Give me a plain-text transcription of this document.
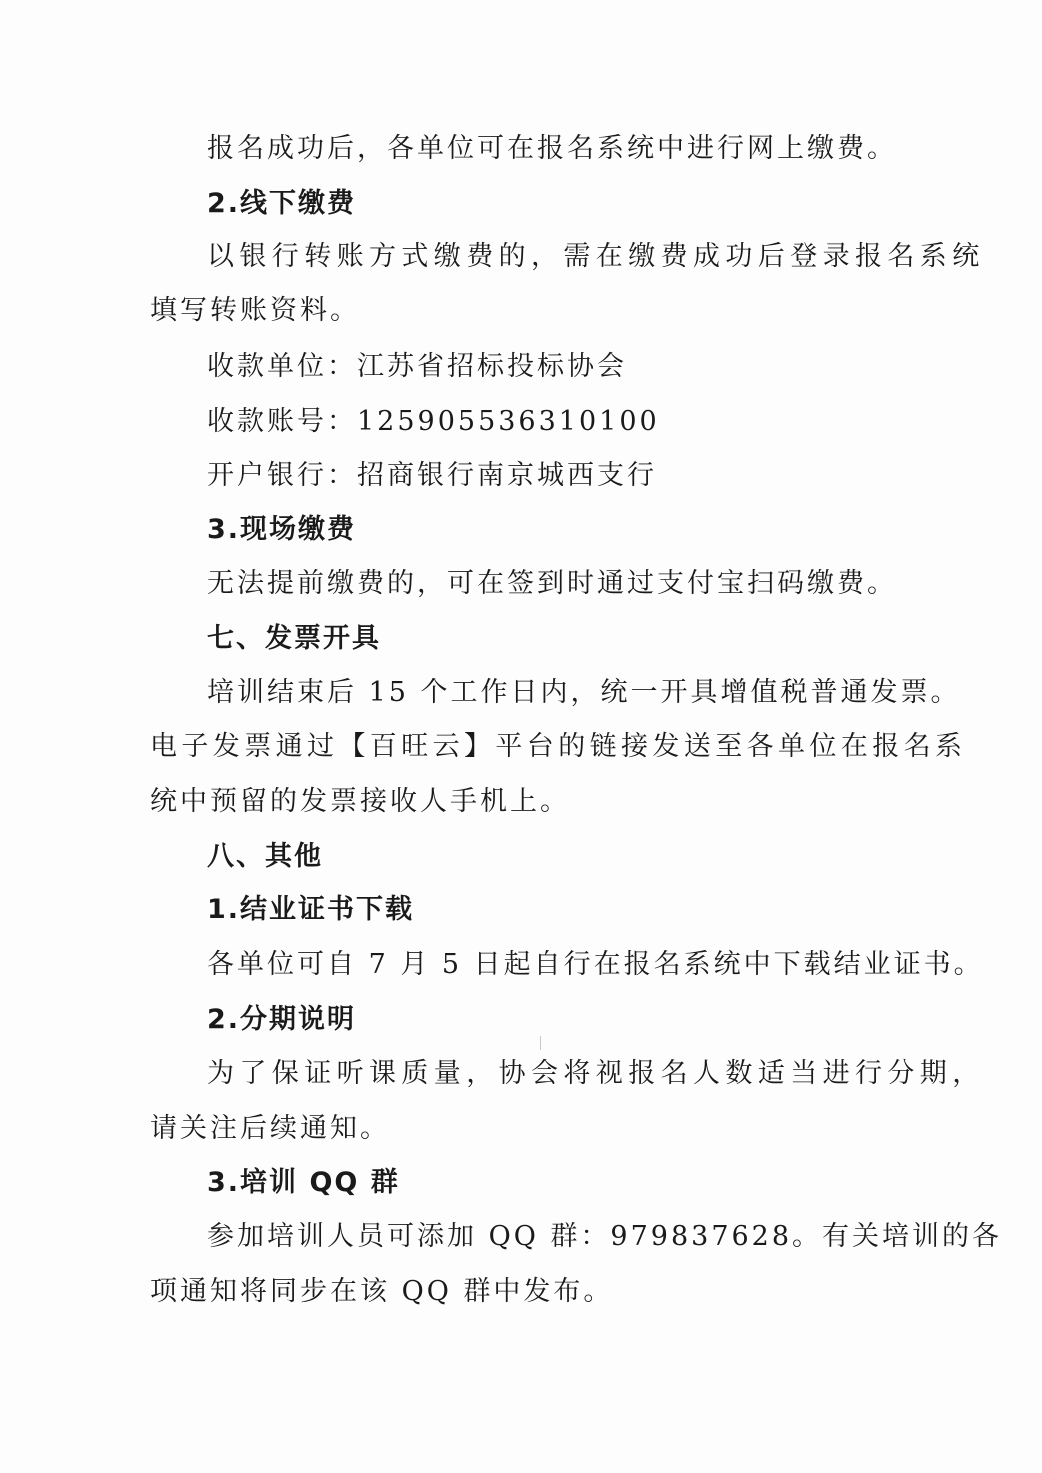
报名成功后，各单位可在报名系统中进行网上缴费。
2.线下缴费
以银行转账方式缴费的，需在缴费成功后登录报名系统
填写转账资料。
收款单位：江苏省招标投标协会
收款账号：125905536310100
开户银行：招商银行南京城西支行
3.现场缴费
无法提前缴费的，可在签到时通过支付宝扫码缴费。
七、发票开具
培训结束后 15 个工作日内，统一开具增值税普通发票。
电子发票通过【百旺云】平台的链接发送至各单位在报名系
统中预留的发票接收人手机上。
八、其他
1.结业证书下载
各单位可自 7 月 5 日起自行在报名系统中下载结业证书。
2.分期说明
为了保证听课质量，协会将视报名人数适当进行分期，
请关注后续通知。
3.培训 QQ 群
参加培训人员可添加 QQ 群：979837628。有关培训的各
项通知将同步在该 QQ 群中发布。
